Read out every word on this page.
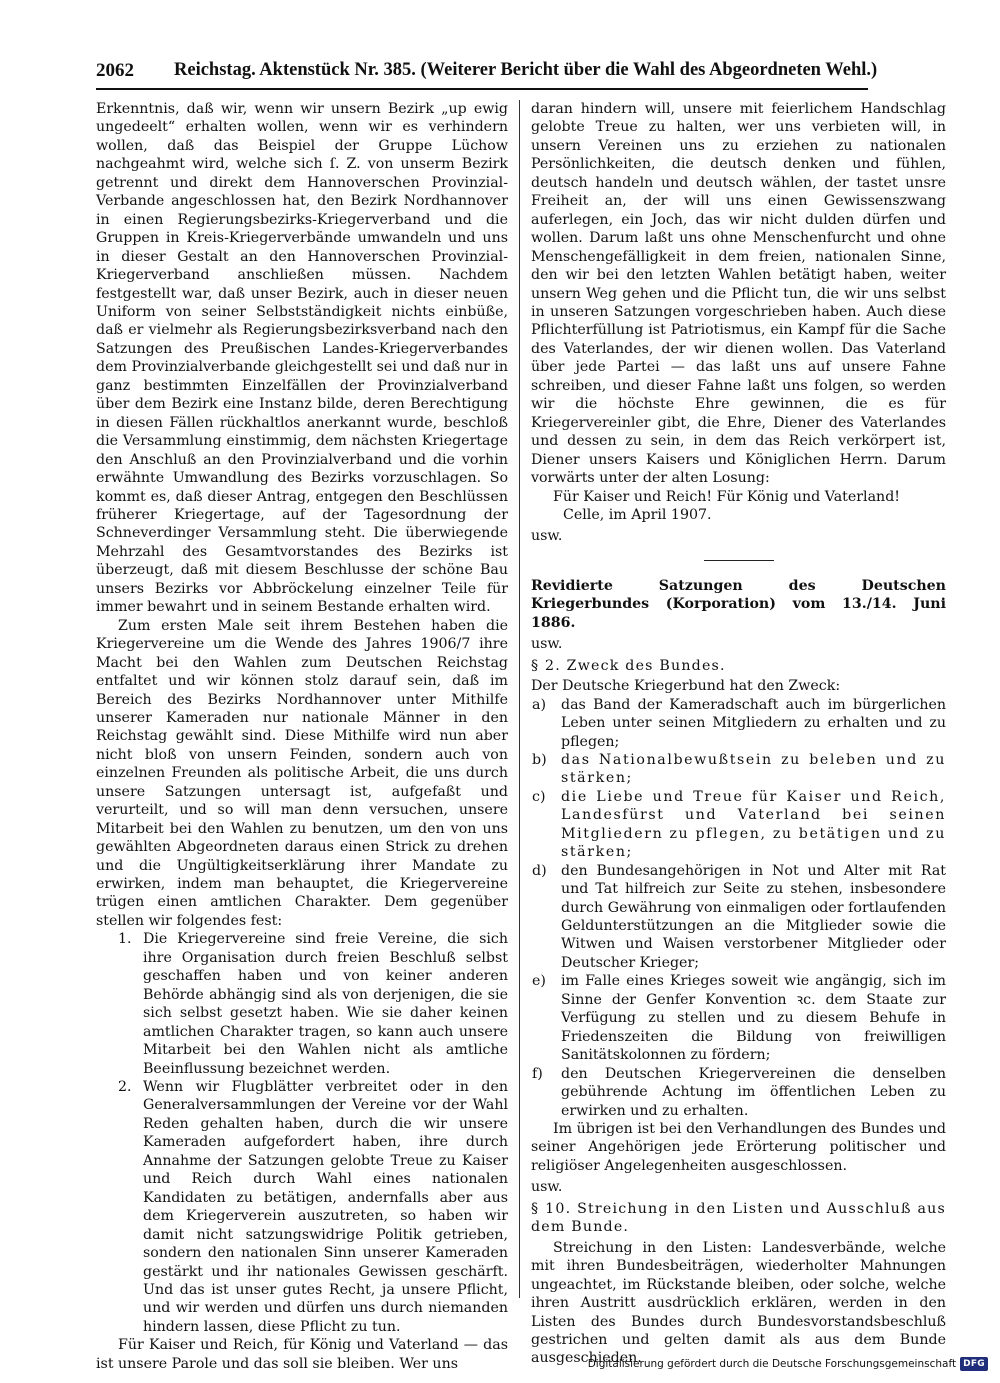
2062 Reichstag. Aktenstück Nr. 385. (Weiterer Bericht über die Wahl des Abgeordneten Wehl.)

Erkenntnis, daß wir, wenn wir unsern Bezirk „up ewig ungedeelt“ erhalten wollen, wenn wir es verhindern wollen, daß das Beispiel der Gruppe Lüchow nachgeahmt wird, welche sich ſ. Z. von unserm Bezirk getrennt und direkt dem Hannoverschen Provinzial-Verbande angeschlossen hat, den Bezirk Nordhannover in einen Regierungsbezirks-Kriegerverband und die Gruppen in Kreis-Kriegerverbände umwandeln und uns in dieser Gestalt an den Hannoverschen Provinzial-Kriegerverband anschließen müssen. Nachdem festgestellt war, daß unser Bezirk, auch in dieser neuen Uniform von seiner Selbstständigkeit nichts einbüße, daß er vielmehr als Regierungsbezirksverband nach den Satzungen des Preußischen Landes-Kriegerverbandes dem Provinzialverbande gleichgestellt sei und daß nur in ganz bestimmten Einzelfällen der Provinzialverband über dem Bezirk eine Instanz bilde, deren Berechtigung in diesen Fällen rückhaltlos anerkannt wurde, beschloß die Versammlung einstimmig, dem nächsten Kriegertage den Anschluß an den Provinzialverband und die vorhin erwähnte Umwandlung des Bezirks vorzuschlagen. So kommt es, daß dieser Antrag, entgegen den Beschlüssen früherer Kriegertage, auf der Tagesordnung der Schneverdinger Versammlung steht. Die überwiegende Mehrzahl des Gesamtvorstandes des Bezirks ist überzeugt, daß mit diesem Beschlusse der schöne Bau unsers Bezirks vor Abbröckelung einzelner Teile für immer bewahrt und in seinem Bestande erhalten wird.

Zum ersten Male seit ihrem Bestehen haben die Kriegervereine um die Wende des Jahres 1906/7 ihre Macht bei den Wahlen zum Deutschen Reichstag entfaltet und wir können stolz darauf sein, daß im Bereich des Bezirks Nordhannover unter Mithilfe unserer Kameraden nur nationale Männer in den Reichstag gewählt sind. Diese Mithilfe wird nun aber nicht bloß von unsern Feinden, sondern auch von einzelnen Freunden als politische Arbeit, die uns durch unsere Satzungen untersagt ist, aufgefaßt und verurteilt, und so will man denn versuchen, unsere Mitarbeit bei den Wahlen zu benutzen, um den von uns gewählten Abgeordneten daraus einen Strick zu drehen und die Ungültigkeitserklärung ihrer Mandate zu erwirken, indem man behauptet, die Kriegervereine trügen einen amtlichen Charakter. Dem gegenüber stellen wir folgendes fest:

1. Die Kriegervereine sind freie Vereine, die sich ihre Organisation durch freien Beschluß selbst geschaffen haben und von keiner anderen Behörde abhängig sind als von derjenigen, die sie sich selbst gesetzt haben. Wie sie daher keinen amtlichen Charakter tragen, so kann auch unsere Mitarbeit bei den Wahlen nicht als amtliche Beeinflussung bezeichnet werden.
2. Wenn wir Flugblätter verbreitet oder in den Generalversammlungen der Vereine vor der Wahl Reden gehalten haben, durch die wir unsere Kameraden aufgefordert haben, ihre durch Annahme der Satzungen gelobte Treue zu Kaiser und Reich durch Wahl eines nationalen Kandidaten zu betätigen, andernfalls aber aus dem Kriegerverein auszutreten, so haben wir damit nicht satzungswidrige Politik getrieben, sondern den nationalen Sinn unserer Kameraden gestärkt und ihr nationales Gewissen geschärft. Und das ist unser gutes Recht, ja unsere Pflicht, und wir werden und dürfen uns durch niemanden hindern lassen, diese Pflicht zu tun.

Für Kaiser und Reich, für König und Vaterland — das ist unsere Parole und das soll sie bleiben. Wer uns

daran hindern will, unsere mit feierlichem Handschlag gelobte Treue zu halten, wer uns verbieten will, in unsern Vereinen uns zu erziehen zu nationalen Persönlichkeiten, die deutsch denken und fühlen, deutsch handeln und deutsch wählen, der tastet unsre Freiheit an, der will uns einen Gewissenszwang auferlegen, ein Joch, das wir nicht dulden dürfen und wollen. Darum laßt uns ohne Menschenfurcht und ohne Menschengefälligkeit in dem freien, nationalen Sinne, den wir bei den letzten Wahlen betätigt haben, weiter unsern Weg gehen und die Pflicht tun, die wir uns selbst in unseren Satzungen vorgeschrieben haben. Auch diese Pflichterfüllung ist Patriotismus, ein Kampf für die Sache des Vaterlandes, der wir dienen wollen. Das Vaterland über jede Partei — das laßt uns auf unsere Fahne schreiben, und dieser Fahne laßt uns folgen, so werden wir die höchste Ehre gewinnen, die es für Kriegervereinler gibt, die Ehre, Diener des Vaterlandes und dessen zu sein, in dem das Reich verkörpert ist, Diener unsers Kaisers und Königlichen Herrn. Darum vorwärts unter der alten Losung:

Für Kaiser und Reich! Für König und Vaterland!

Celle, im April 1907.

usw.

Revidierte Satzungen des Deutschen Kriegerbundes (Korporation) vom 13./14. Juni 1886.

usw.

§ 2. Zweck des Bundes.

Der Deutsche Kriegerbund hat den Zweck:

a) das Band der Kameradschaft auch im bürgerlichen Leben unter seinen Mitgliedern zu erhalten und zu pflegen;
b) das Nationalbewußtsein zu beleben und zu stärken;
c) die Liebe und Treue für Kaiser und Reich, Landesfürst und Vaterland bei seinen Mitgliedern zu pflegen, zu betätigen und zu stärken;
d) den Bundesangehörigen in Not und Alter mit Rat und Tat hilfreich zur Seite zu stehen, insbesondere durch Gewährung von einmaligen oder fortlaufenden Geldunterstützungen an die Mitglieder sowie die Witwen und Waisen verstorbener Mitglieder oder Deutscher Krieger;
e) im Falle eines Krieges soweit wie angängig, sich im Sinne der Genfer Konvention ꝛc. dem Staate zur Verfügung zu stellen und zu diesem Behufe in Friedenszeiten die Bildung von freiwilligen Sanitätskolonnen zu fördern;
f) den Deutschen Kriegervereinen die denselben gebührende Achtung im öffentlichen Leben zu erwirken und zu erhalten.

Im übrigen ist bei den Verhandlungen des Bundes und seiner Angehörigen jede Erörterung politischer und religiöser Angelegenheiten ausgeschlossen.

usw.

§ 10. Streichung in den Listen und Ausschluß aus dem Bunde.

Streichung in den Listen: Landesverbände, welche mit ihren Bundesbeiträgen, wiederholter Mahnungen ungeachtet, im Rückstande bleiben, oder solche, welche ihren Austritt ausdrücklich erklären, werden in den Listen des Bundes durch Bundesvorstandsbeschluß gestrichen und gelten damit als aus dem Bunde ausgeschieden.

Digitalisierung gefördert durch die Deutsche Forschungsgemeinschaft DFG
